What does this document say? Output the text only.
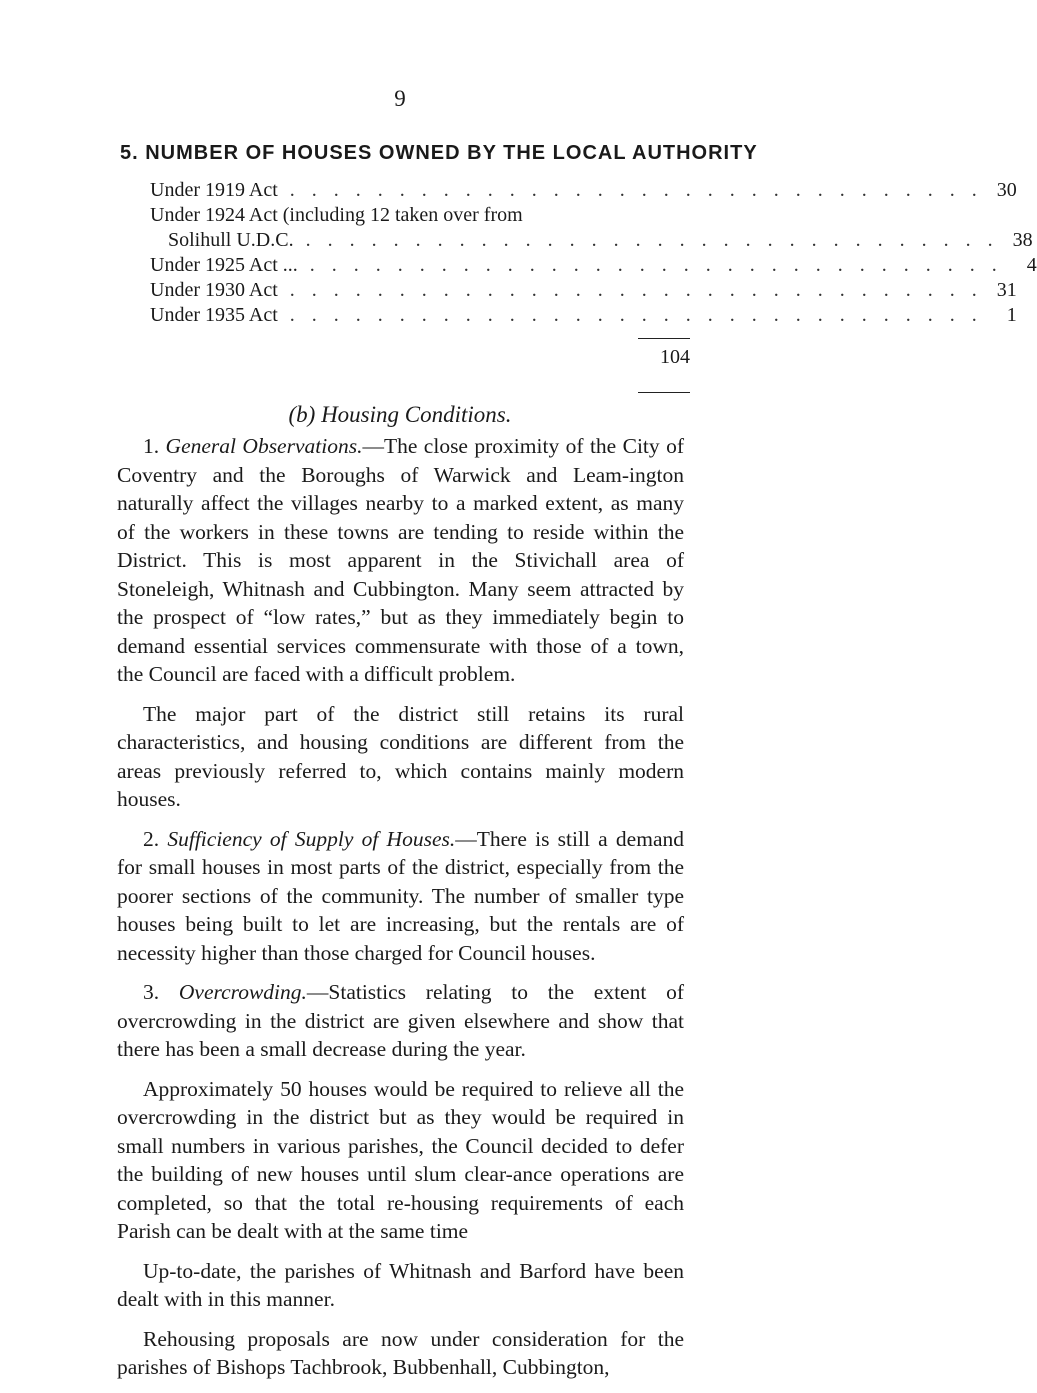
9
5. NUMBER OF HOUSES OWNED BY THE LOCAL AUTHORITY
Under 1919 Act . . . . . . . . . . . . . . . . . . . . . . . . . . . . . . . . 30
Under 1924 Act (including 12 taken over from
Solihull U.D.C. . . . . . . . . . . . . . . . . . . . . . . . . . . . . . . . . 38
Under 1925 Act ... . . . . . . . . . . . . . . . . . . . . . . . . . . . . . . . .	4
Under 1930 Act . . . . . . . . . . . . . . . . . . . . . . . . . . . . . . . . 31
Under 1935 Act . . . . . . . . . . . . . . . . . . . . . . . . . . . . . . . .	1
104
(b) Housing Conditions.

1. General Observations.—The close proximity of the City of Coventry and the Boroughs of Warwick and Leam-ington naturally affect the villages nearby to a marked extent, as many of the workers in these towns are tending to reside within the District. This is most apparent in the Stivichall area of Stoneleigh, Whitnash and Cubbington. Many seem attracted by the prospect of “low rates,” but as they immediately begin to demand essential services commensurate with those of a town, the Council are faced with a difficult problem.

The major part of the district still retains its rural characteristics, and housing conditions are different from the areas previously referred to, which contains mainly modern houses.

2. Sufficiency of Supply of Houses.—There is still a demand for small houses in most parts of the district, especially from the poorer sections of the community. The number of smaller type houses being built to let are increasing, but the rentals are of necessity higher than those charged for Council houses.

3. Overcrowding.—Statistics relating to the extent of overcrowding in the district are given elsewhere and show that there has been a small decrease during the year.

Approximately 50 houses would be required to relieve all the overcrowding in the district but as they would be required in small numbers in various parishes, the Council decided to defer the building of new houses until slum clear-ance operations are completed, so that the total re-housing requirements of each Parish can be dealt with at the same time

Up-to-date, the parishes of Whitnash and Barford have been dealt with in this manner.

Rehousing proposals are now under consideration for the parishes of Bishops Tachbrook, Bubbenhall, Cubbington,
